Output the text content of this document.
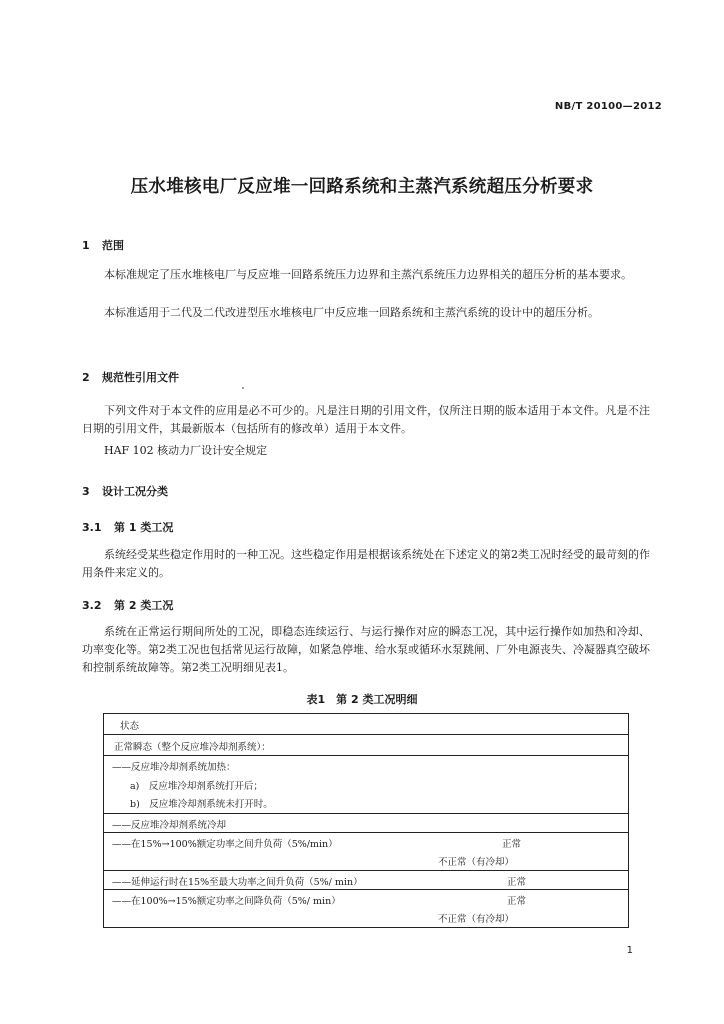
NB/T 20100—2012
压水堆核电厂反应堆一回路系统和主蒸汽系统超压分析要求
1 范围

本标准规定了压水堆核电厂与反应堆一回路系统压力边界和主蒸汽系统压力边界相关的超压分析的基本要求。

本标准适用于二代及二代改进型压水堆核电厂中反应堆一回路系统和主蒸汽系统的设计中的超压分析。

2 规范性引用文件

下列文件对于本文件的应用是必不可少的。凡是注日期的引用文件，仅所注日期的版本适用于本文件。凡是不注日期的引用文件，其最新版本（包括所有的修改单）适用于本文件。

HAF 102 核动力厂设计安全规定
3 设计工况分类
3.1 第 1 类工况

系统经受某些稳定作用时的一种工况。这些稳定作用是根据该系统处在下述定义的第2类工况时经受的最苛刻的作用条件来定义的。

3.2 第 2 类工况

系统在正常运行期间所处的工况，即稳态连续运行、与运行操作对应的瞬态工况，其中运行操作如加热和冷却、功率变化等。第2类工况也包括常见运行故障，如紧急停堆、给水泵或循环水泵跳闸、厂外电源丧失、冷凝器真空破坏和控制系统故障等。第2类工况明细见表1。

表1　第 2 类工况明细
状态
正常瞬态（整个反应堆冷却剂系统）：
——反应堆冷却剂系统加热：
a)　反应堆冷却剂系统打开后；
b)　反应堆冷却剂系统未打开时。
——反应堆冷却剂系统冷却
——在15%→100%额定功率之间升负荷（5%/min）	正常
不正常（有冷却）
——延伸运行时在15%至最大功率之间升负荷（5%/ min）	正常
——在100%→15%额定功率之间降负荷（5%/ min）	正常
不正常（有冷却）
1
